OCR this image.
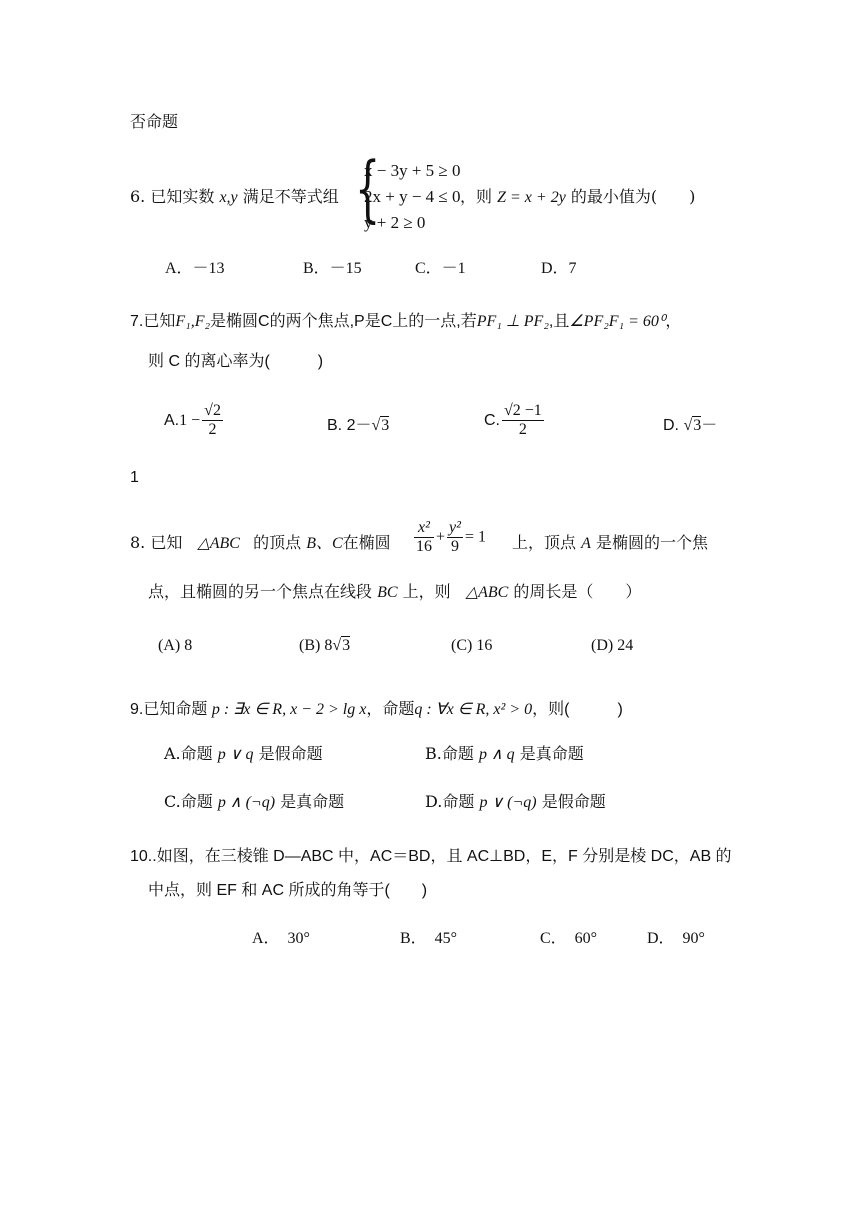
否命题
6. 已知实数 x,y 满足不等式组 {
x − 3y + 5 ≥ 0
2x + y − 4 ≤ 0
y + 2 ≥ 0
，则 Z = x + 2y 的最小值为(　　)
A．－13	B．－15	C．－1	D．7
7.已知F₁,F₂是椭圆C的两个焦点,P是C上的一点,若PF₁ ⊥ PF₂,且∠PF₂F₁ = 60⁰，
则 C 的离心率为(　　　)
$A.1 - \frac{√2}{2}$	B. 2－√3	C. $\frac{√2 -1}{2}$	D. √3－
1
8. 已知 △ABC 的顶点 B、C在椭圆 $\frac{\text{x²}}{16} + \frac{\text{y²}}{9} = 1$ 上，顶点 A 是椭圆的一个焦
点，且椭圆的另一个焦点在线段 BC 上，则 △ABC 的周长是（　　）
(A) 8	(B) 8√3	(C) 16	(D) 24
9.已知命题 p : ∃x ∈ R, x − 2 > lg x，命题q : ∀x ∈ R, x² > 0，则(　　　)
A.命题 p ∨ q 是假命题	B.命题 p ∧ q 是真命题
C.命题 p ∧ (¬q) 是真命题	D.命题 p ∨ (¬q) 是假命题
10..如图，在三棱锥 D—ABC 中，AC＝BD，且 AC⊥BD，E，F 分别是棱 DC，AB 的
中点，则 EF 和 AC 所成的角等于(　　)
A．　30°	B．　45°	C．　60°	D．　90°
